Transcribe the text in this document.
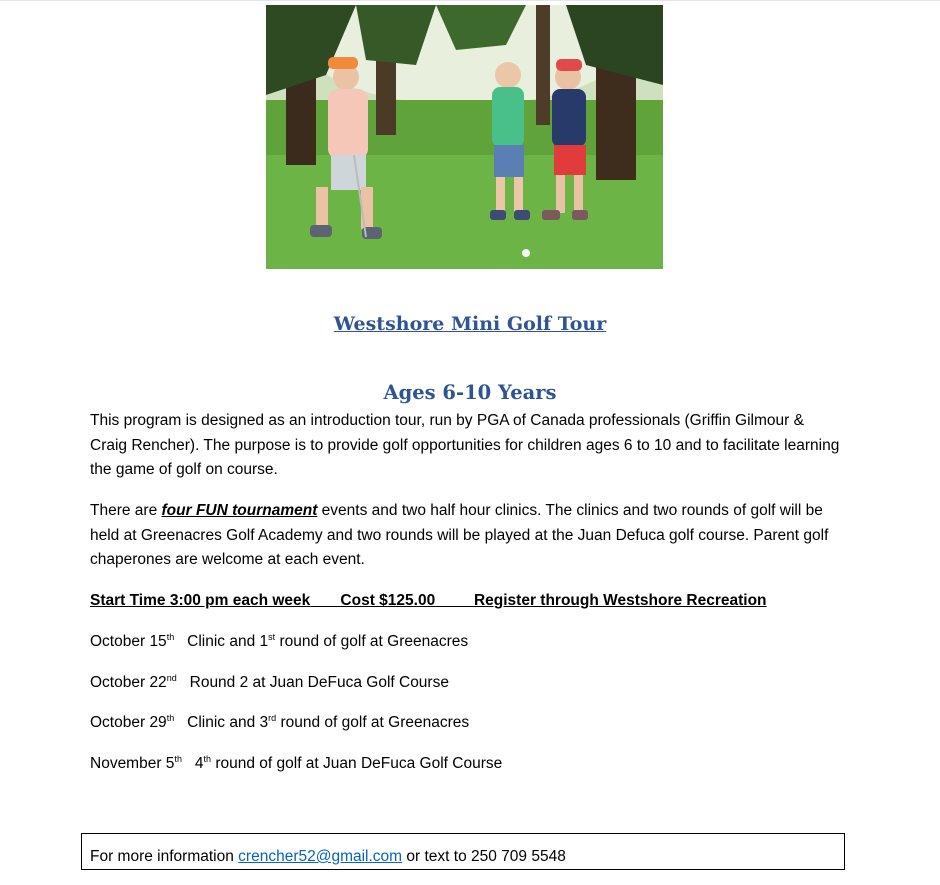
Westshore Mini Golf Tour
Ages 6-10 Years

This program is designed as an introduction tour, run by PGA of Canada professionals (Griffin Gilmour & Craig Rencher). The purpose is to provide golf opportunities for children ages 6 to 10 and to facilitate learning the game of golf on course.

There are four FUN tournament events and two half hour clinics. The clinics and two rounds of golf will be held at Greenacres Golf Academy and two rounds will be played at the Juan Defuca golf course. Parent golf chaperones are welcome at each event.

Start Time 3:00 pm each week Cost $125.00	Register through Westshore Recreation

October 15th Clinic and 1st round of golf at Greenacres

October 22nd Round 2 at Juan DeFuca Golf Course

October 29th Clinic and 3rd round of golf at Greenacres

November 5th 4th round of golf at Juan DeFuca Golf Course

For more information crencher52@gmail.com or text to 250 709 5548
